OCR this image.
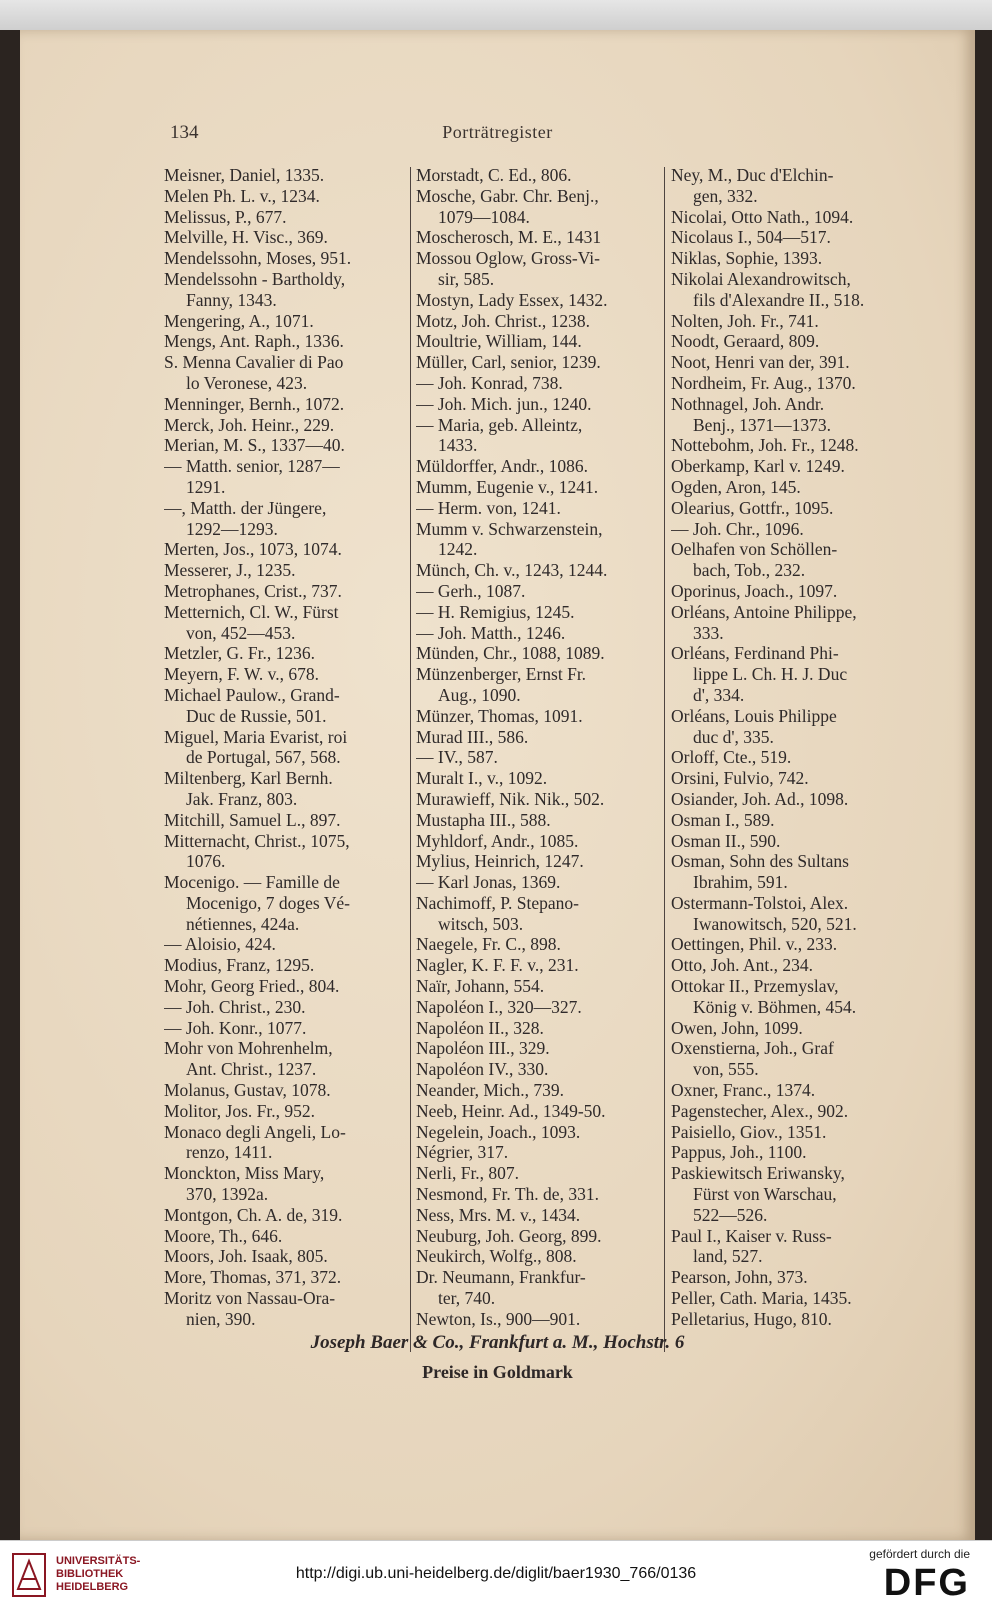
134	Porträtregister
Meisner, Daniel, 1335.
Melen Ph. L. v., 1234.
Melissus, P., 677.
Melville, H. Visc., 369.
Mendelssohn, Moses, 951.
Mendelssohn - Bartholdy,
Fanny, 1343.
Mengering, A., 1071.
Mengs, Ant. Raph., 1336.
S. Menna Cavalier di Pao
lo Veronese, 423.
Menninger, Bernh., 1072.
Merck, Joh. Heinr., 229.
Merian, M. S., 1337—40.
— Matth. senior, 1287—
1291.
—, Matth. der Jüngere,
1292—1293.
Merten, Jos., 1073, 1074.
Messerer, J., 1235.
Metrophanes, Crist., 737.
Metternich, Cl. W., Fürst
von, 452—453.
Metzler, G. Fr., 1236.
Meyern, F. W. v., 678.
Michael Paulow., Grand-
Duc de Russie, 501.
Miguel, Maria Evarist, roi
de Portugal, 567, 568.
Miltenberg, Karl Bernh.
Jak. Franz, 803.
Mitchill, Samuel L., 897.
Mitternacht, Christ., 1075,
1076.
Mocenigo. — Famille de
Mocenigo, 7 doges Vé-
nétiennes, 424a.
— Aloisio, 424.
Modius, Franz, 1295.
Mohr, Georg Fried., 804.
— Joh. Christ., 230.
— Joh. Konr., 1077.
Mohr von Mohrenhelm,
Ant. Christ., 1237.
Molanus, Gustav, 1078.
Molitor, Jos. Fr., 952.
Monaco degli Angeli, Lo-
renzo, 1411.
Monckton, Miss Mary,
370, 1392a.
Montgon, Ch. A. de, 319.
Moore, Th., 646.
Moors, Joh. Isaak, 805.
More, Thomas, 371, 372.
Moritz von Nassau-Ora-
nien, 390.
Morstadt, C. Ed., 806.
Mosche, Gabr. Chr. Benj.,
1079—1084.
Moscherosch, M. E., 1431
Mossou Oglow, Gross-Vi-
sir, 585.
Mostyn, Lady Essex, 1432.
Motz, Joh. Christ., 1238.
Moultrie, William, 144.
Müller, Carl, senior, 1239.
— Joh. Konrad, 738.
— Joh. Mich. jun., 1240.
— Maria, geb. Alleintz,
1433.
Müldorffer, Andr., 1086.
Mumm, Eugenie v., 1241.
— Herm. von, 1241.
Mumm v. Schwarzenstein,
1242.
Münch, Ch. v., 1243, 1244.
— Gerh., 1087.
— H. Remigius, 1245.
— Joh. Matth., 1246.
Münden, Chr., 1088, 1089.
Münzenberger, Ernst Fr.
Aug., 1090.
Münzer, Thomas, 1091.
Murad III., 586.
— IV., 587.
Muralt I., v., 1092.
Murawieff, Nik. Nik., 502.
Mustapha III., 588.
Myhldorf, Andr., 1085.
Mylius, Heinrich, 1247.
— Karl Jonas, 1369.
Nachimoff, P. Stepano-
witsch, 503.
Naegele, Fr. C., 898.
Nagler, K. F. F. v., 231.
Naïr, Johann, 554.
Napoléon I., 320—327.
Napoléon II., 328.
Napoléon III., 329.
Napoléon IV., 330.
Neander, Mich., 739.
Neeb, Heinr. Ad., 1349-50.
Negelein, Joach., 1093.
Négrier, 317.
Nerli, Fr., 807.
Nesmond, Fr. Th. de, 331.
Ness, Mrs. M. v., 1434.
Neuburg, Joh. Georg, 899.
Neukirch, Wolfg., 808.
Dr. Neumann, Frankfur-
ter, 740.
Newton, Is., 900—901.
Ney, M., Duc d'Elchin-
gen, 332.
Nicolai, Otto Nath., 1094.
Nicolaus I., 504—517.
Niklas, Sophie, 1393.
Nikolai Alexandrowitsch,
fils d'Alexandre II., 518.
Nolten, Joh. Fr., 741.
Noodt, Geraard, 809.
Noot, Henri van der, 391.
Nordheim, Fr. Aug., 1370.
Nothnagel, Joh. Andr.
Benj., 1371—1373.
Nottebohm, Joh. Fr., 1248.
Oberkamp, Karl v. 1249.
Ogden, Aron, 145.
Olearius, Gottfr., 1095.
— Joh. Chr., 1096.
Oelhafen von Schöllen-
bach, Tob., 232.
Oporinus, Joach., 1097.
Orléans, Antoine Philippe,
333.
Orléans, Ferdinand Phi-
lippe L. Ch. H. J. Duc
d', 334.
Orléans, Louis Philippe
duc d', 335.
Orloff, Cte., 519.
Orsini, Fulvio, 742.
Osiander, Joh. Ad., 1098.
Osman I., 589.
Osman II., 590.
Osman, Sohn des Sultans
Ibrahim, 591.
Ostermann-Tolstoi, Alex.
Iwanowitsch, 520, 521.
Oettingen, Phil. v., 233.
Otto, Joh. Ant., 234.
Ottokar II., Przemyslav,
König v. Böhmen, 454.
Owen, John, 1099.
Oxenstierna, Joh., Graf
von, 555.
Oxner, Franc., 1374.
Pagenstecher, Alex., 902.
Paisiello, Giov., 1351.
Pappus, Joh., 1100.
Paskiewitsch Eriwansky,
Fürst von Warschau,
522—526.
Paul I., Kaiser v. Russ-
land, 527.
Pearson, John, 373.
Peller, Cath. Maria, 1435.
Pelletarius, Hugo, 810.
Joseph Baer & Co., Frankfurt a. M., Hochstr. 6
Preise in Goldmark
UNIVERSITÄTS-
BIBLIOTHEK
HEIDELBERG
http://digi.ub.uni-heidelberg.de/diglit/baer1930_766/0136
gefördert durch die
DFG
